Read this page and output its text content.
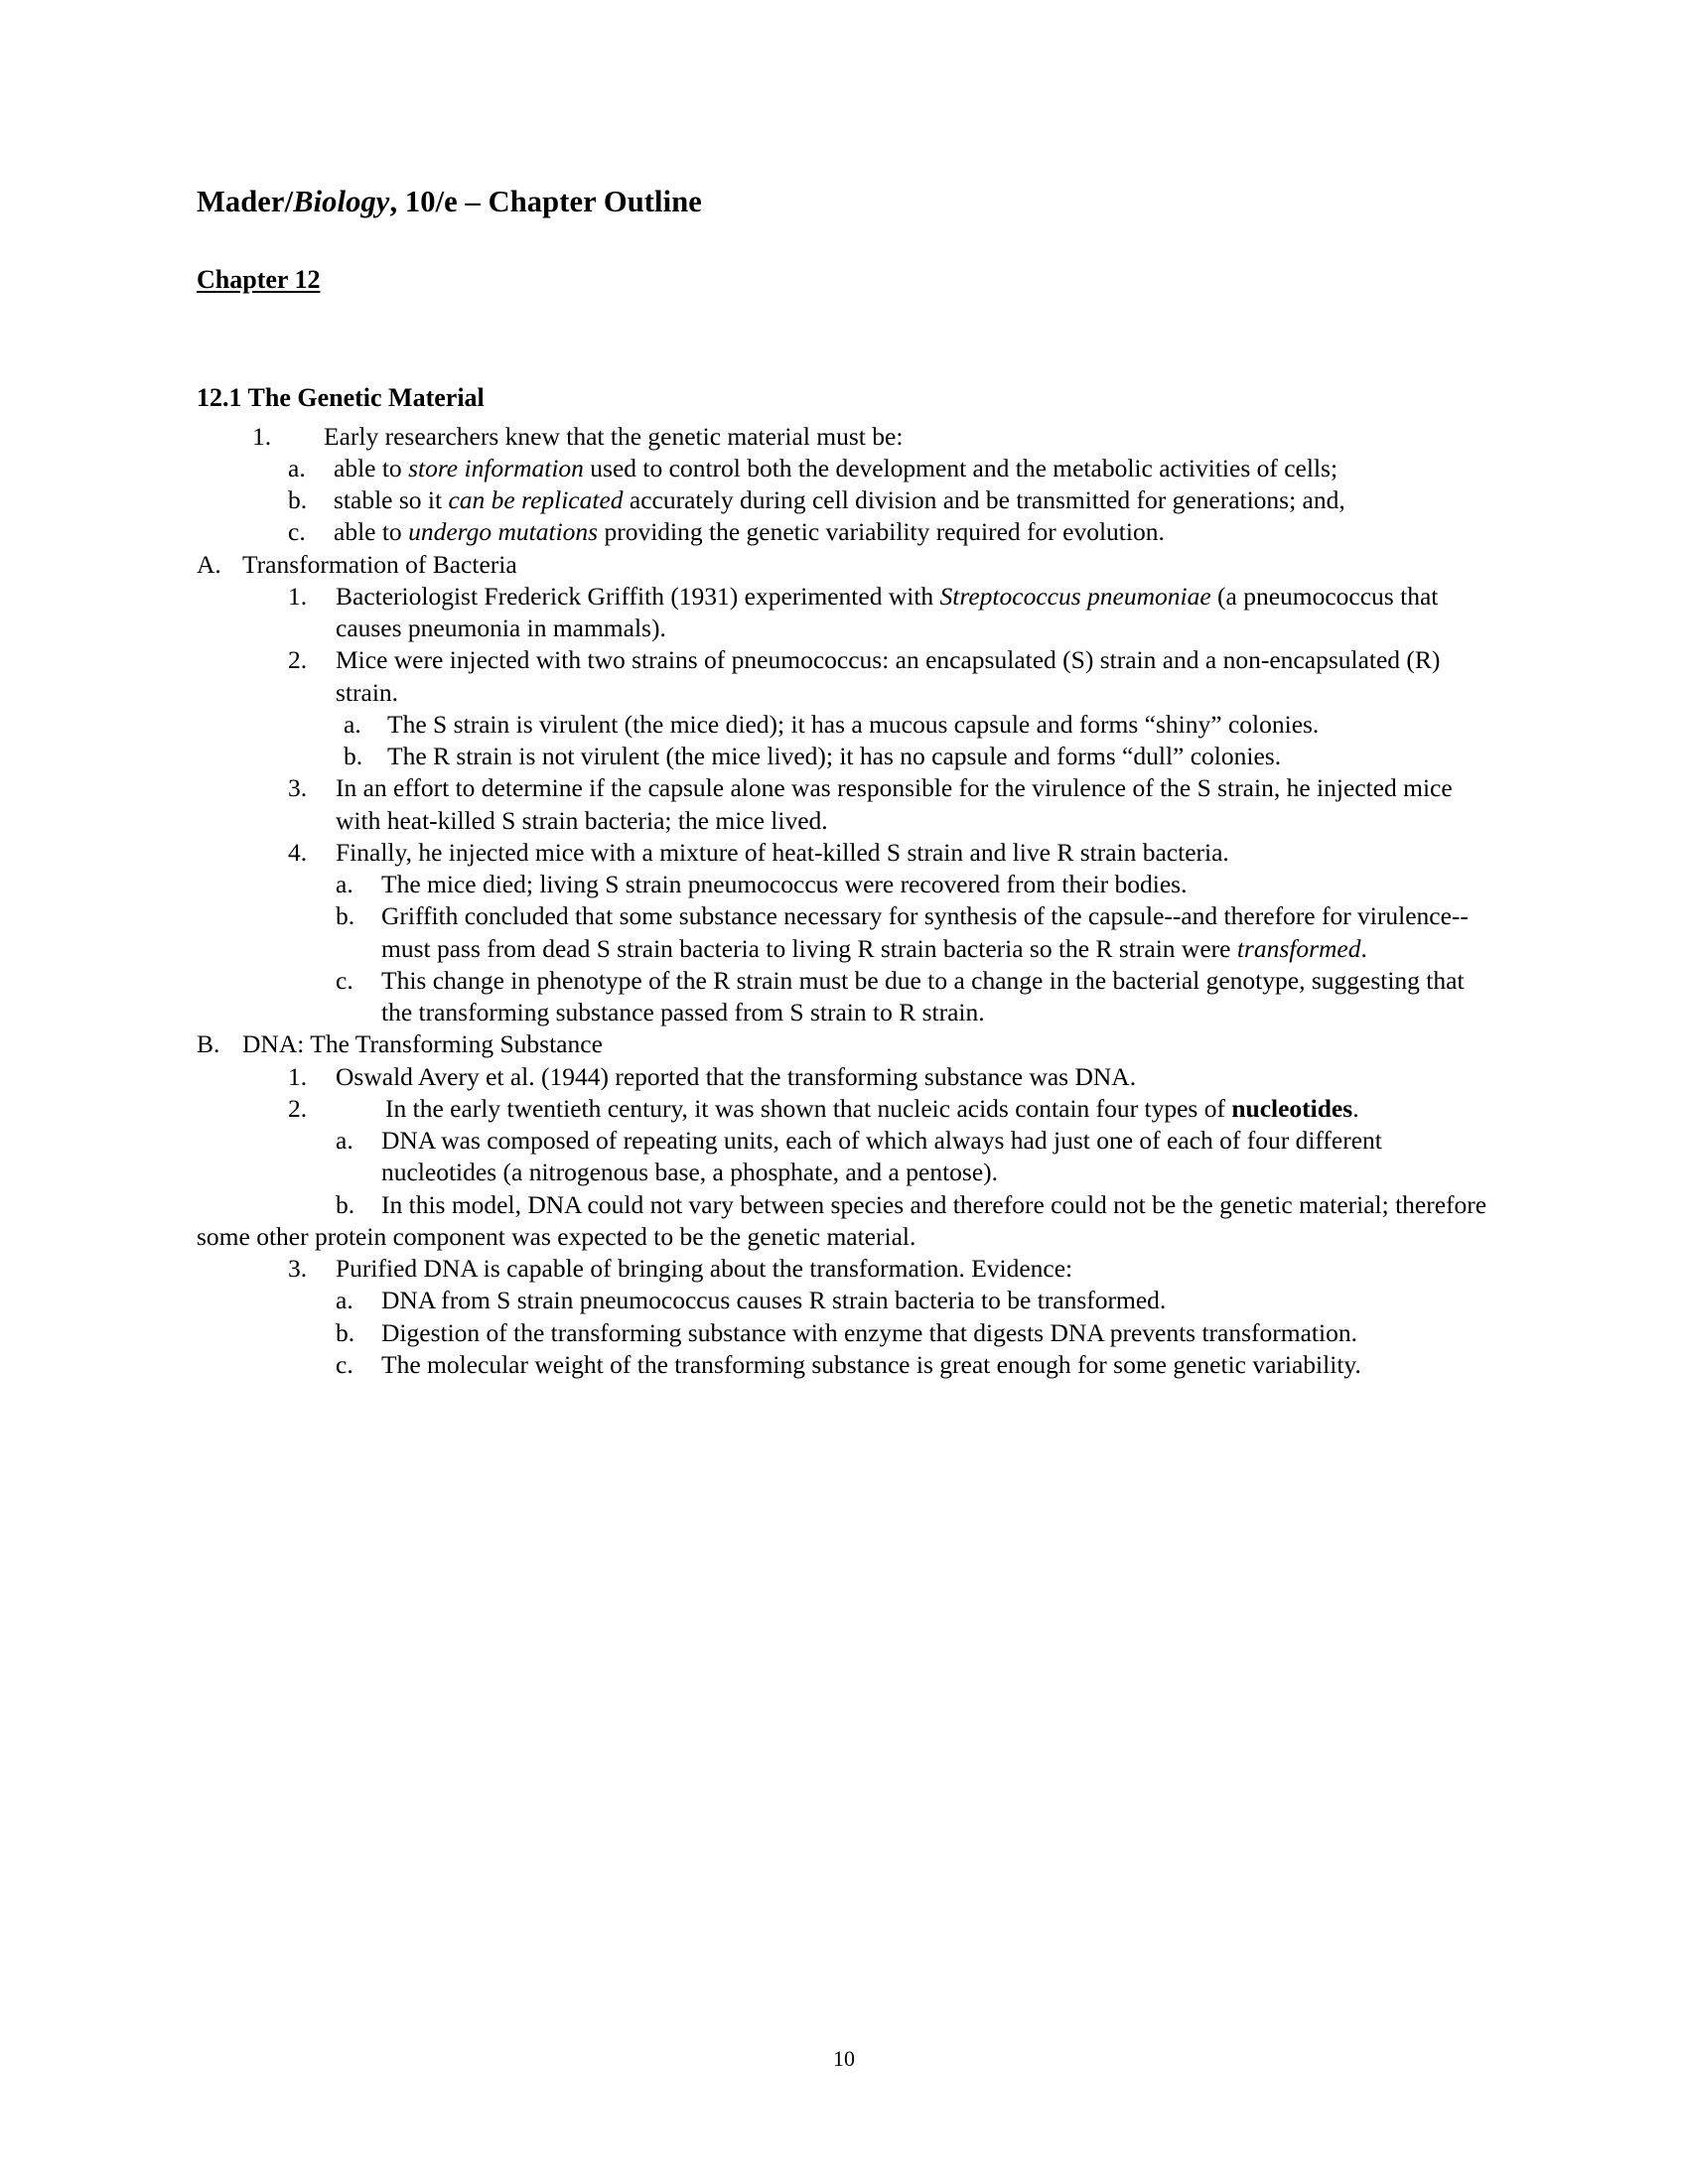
Mader/Biology, 10/e – Chapter Outline
Chapter 12
12.1 The Genetic Material
1.	Early researchers knew that the genetic material must be:
a.	able to store information used to control both the development and the metabolic activities of cells;
b.	stable so it can be replicated accurately during cell division and be transmitted for generations; and,
c.	able to undergo mutations providing the genetic variability required for evolution.
A. Transformation of Bacteria
1.	Bacteriologist Frederick Griffith (1931) experimented with Streptococcus pneumoniae (a pneumococcus that causes pneumonia in mammals).
2.	Mice were injected with two strains of pneumococcus: an encapsulated (S) strain and a non-encapsulated (R) strain.
a.	The S strain is virulent (the mice died); it has a mucous capsule and forms “shiny” colonies.
b. The R strain is not virulent (the mice lived); it has no capsule and forms “dull” colonies.
3.	In an effort to determine if the capsule alone was responsible for the virulence of the S strain, he injected mice with heat-killed S strain bacteria; the mice lived.
4.	Finally, he injected mice with a mixture of heat-killed S strain and live R strain bacteria.
a.	The mice died; living S strain pneumococcus were recovered from their bodies.
b.	Griffith concluded that some substance necessary for synthesis of the capsule--and therefore for virulence--must pass from dead S strain bacteria to living R strain bacteria so the R strain were transformed.
c.	This change in phenotype of the R strain must be due to a change in the bacterial genotype, suggesting that the transforming substance passed from S strain to R strain.
B. DNA: The Transforming Substance
1.	Oswald Avery et al. (1944) reported that the transforming substance was DNA.
2.	In the early twentieth century, it was shown that nucleic acids contain four types of nucleotides.
a.	DNA was composed of repeating units, each of which always had just one of each of four different nucleotides (a nitrogenous base, a phosphate, and a pentose).
b.	In this model, DNA could not vary between species and therefore could not be the genetic material; therefore some other protein component was expected to be the genetic material.
3.	Purified DNA is capable of bringing about the transformation. Evidence:
a.	DNA from S strain pneumococcus causes R strain bacteria to be transformed.
b.	Digestion of the transforming substance with enzyme that digests DNA prevents transformation.
c.	The molecular weight of the transforming substance is great enough for some genetic variability.
10
